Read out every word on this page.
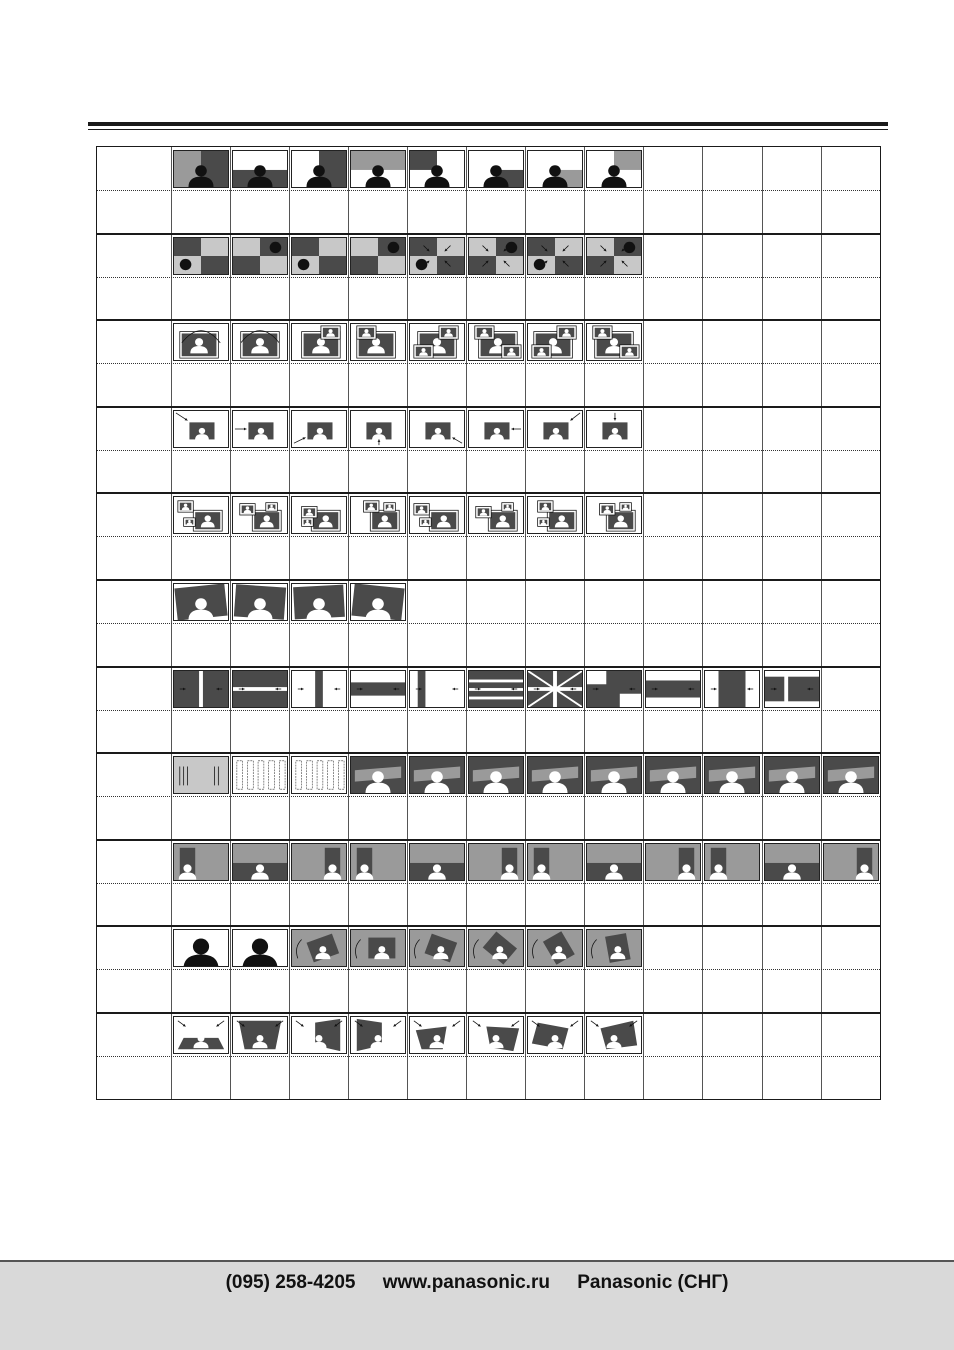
(095) 258-4205 www.panasonic.ru Panasonic (СНГ)
